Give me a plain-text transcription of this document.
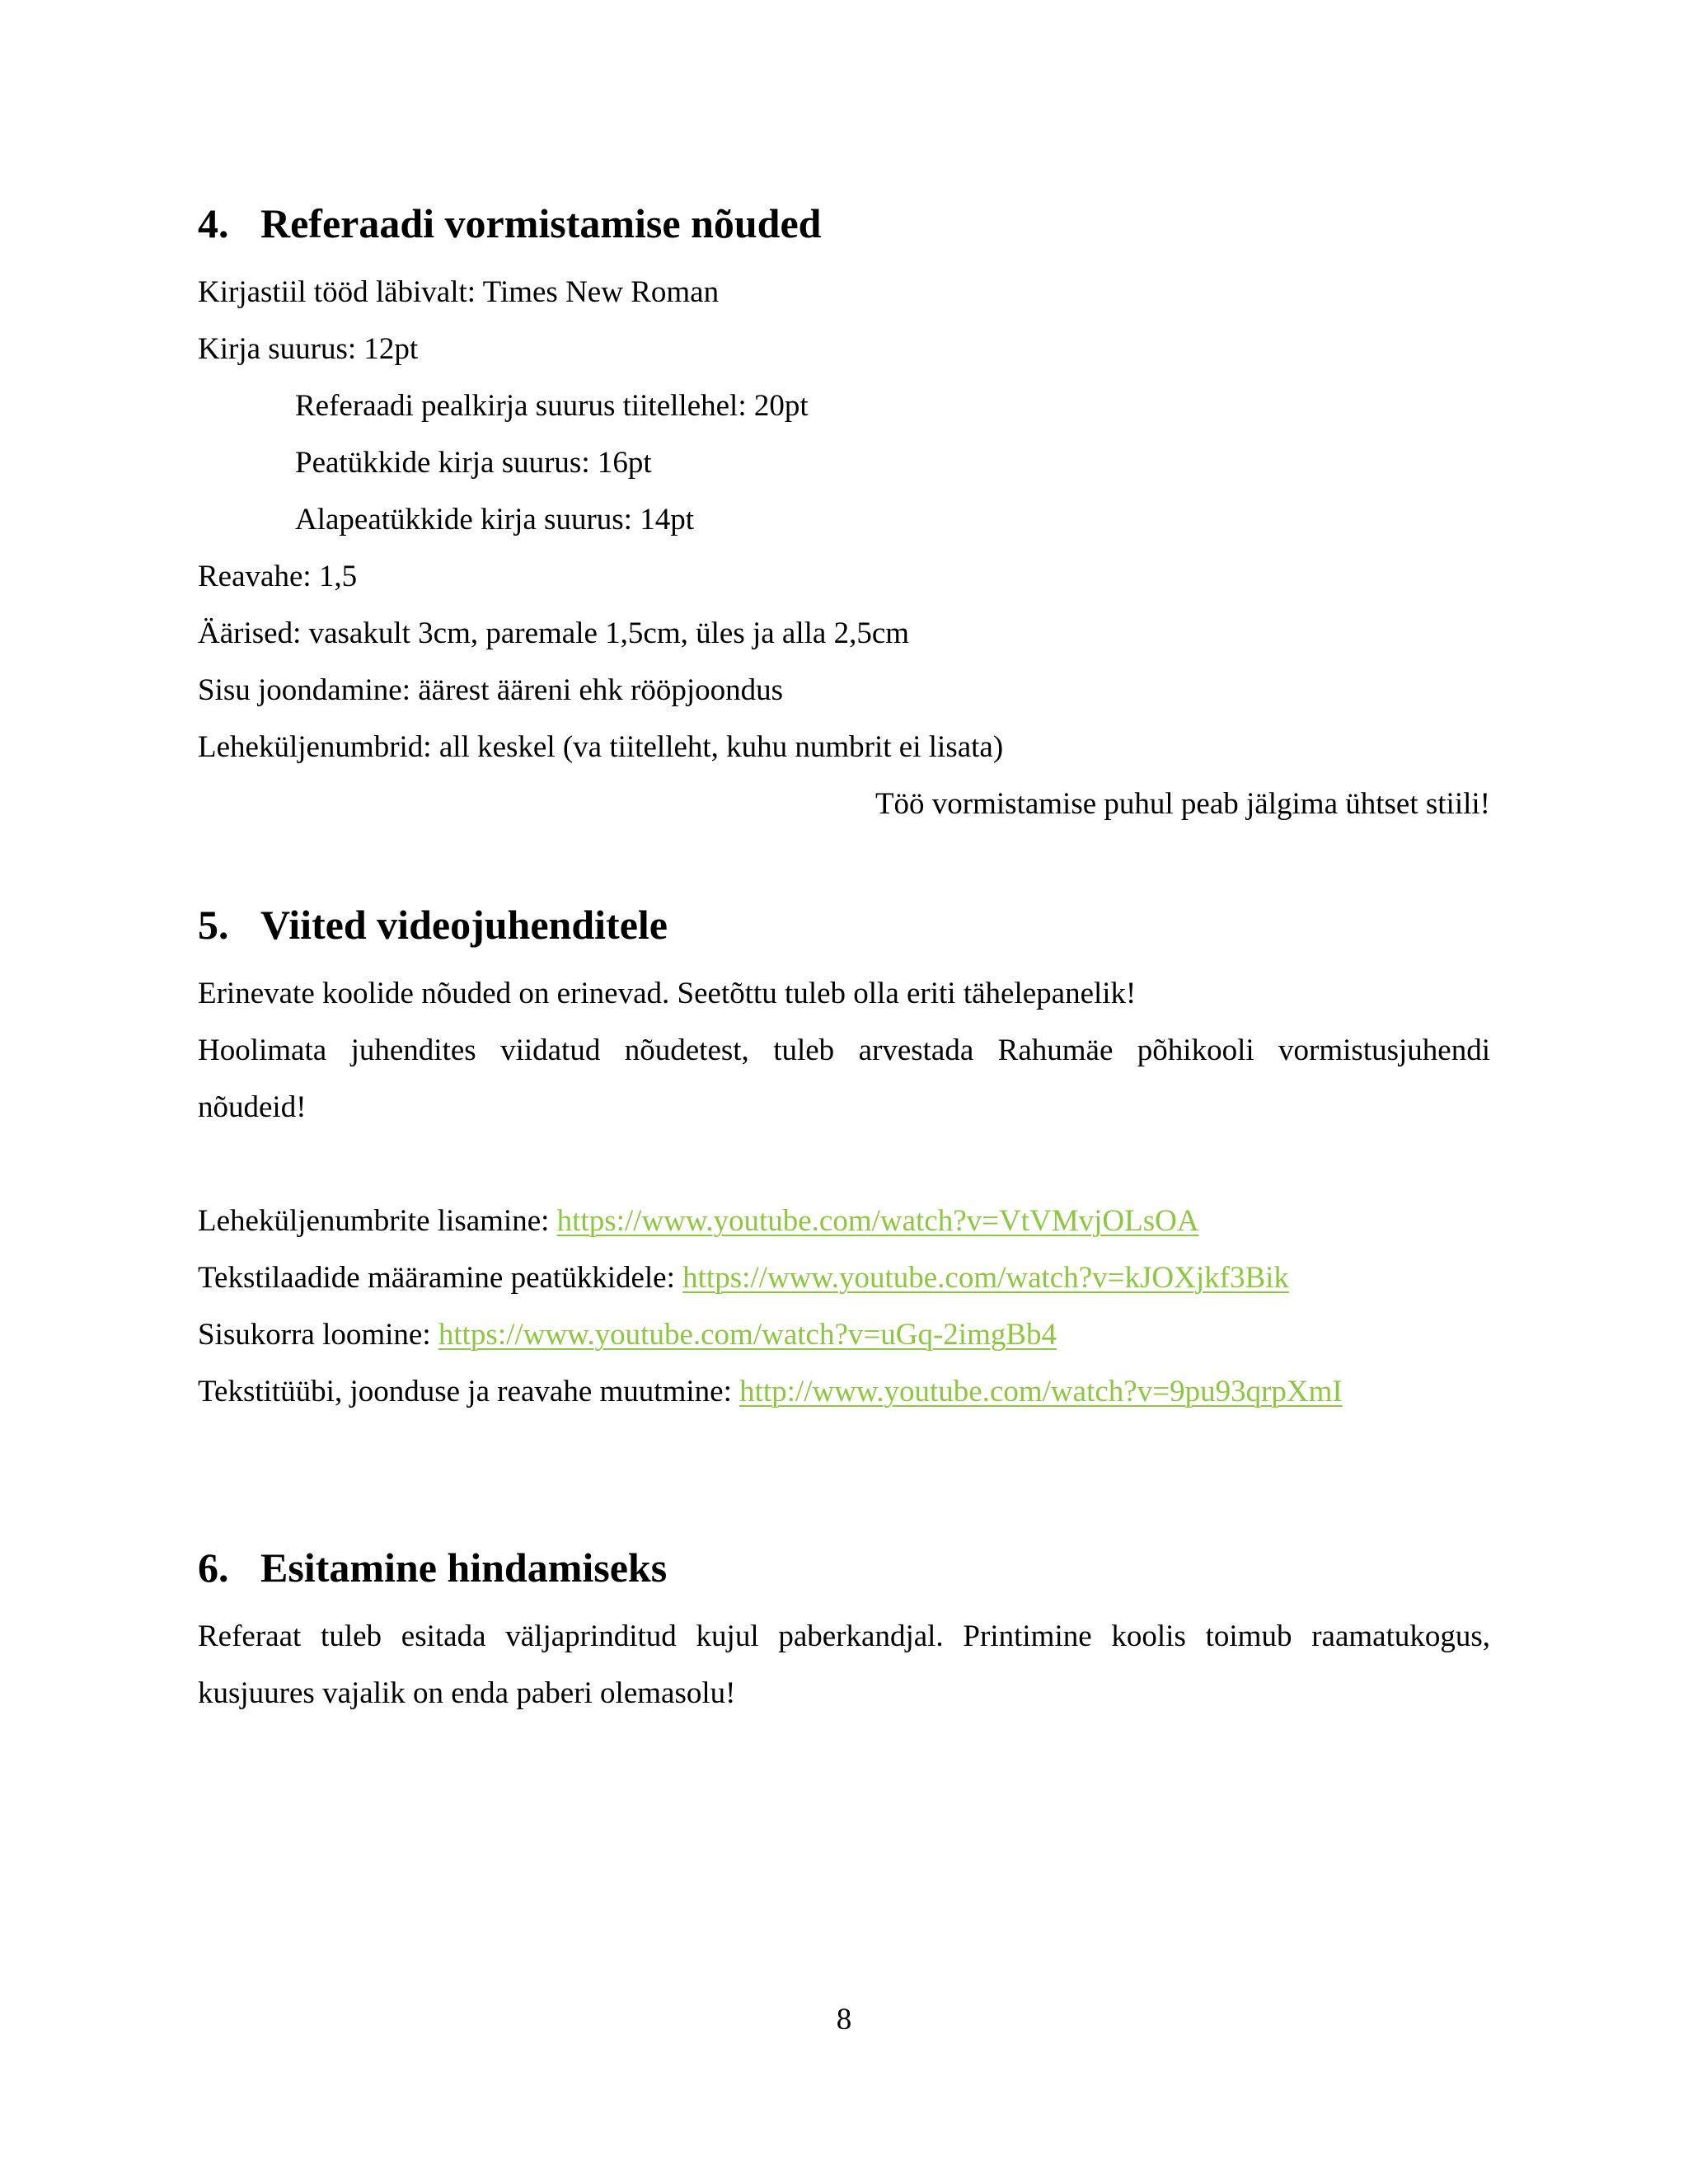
4. Referaadi vormistamise nõuded
Kirjastiil tööd läbivalt: Times New Roman
Kirja suurus: 12pt
Referaadi pealkirja suurus tiitellehel: 20pt
Peatükkide kirja suurus: 16pt
Alapeatükkide kirja suurus: 14pt
Reavahe: 1,5
Äärised: vasakult 3cm, paremale 1,5cm, üles ja alla 2,5cm
Sisu joondamine: äärest ääreni ehk rööpjoondus
Leheküljenumbrid: all keskel (va tiitelleht, kuhu numbrit ei lisata)
Töö vormistamise puhul peab jälgima ühtset stiili!
5. Viited videojuhenditele
Erinevate koolide nõuded on erinevad. Seetõttu tuleb olla eriti tähelepanelik!
Hoolimata juhendites viidatud nõudetest, tuleb arvestada Rahumäe põhikooli vormistusjuhendi
nõudeid!
Leheküljenumbrite lisamine: https://www.youtube.com/watch?v=VtVMvjOLsOA
Tekstilaadide määramine peatükkidele: https://www.youtube.com/watch?v=kJOXjkf3Bik
Sisukorra loomine: https://www.youtube.com/watch?v=uGq-2imgBb4
Tekstitüübi, joonduse ja reavahe muutmine: http://www.youtube.com/watch?v=9pu93qrpXmI
6. Esitamine hindamiseks
Referaat tuleb esitada väljaprinditud kujul paberkandjal. Printimine koolis toimub raamatukogus,
kusjuures vajalik on enda paberi olemasolu!
8
